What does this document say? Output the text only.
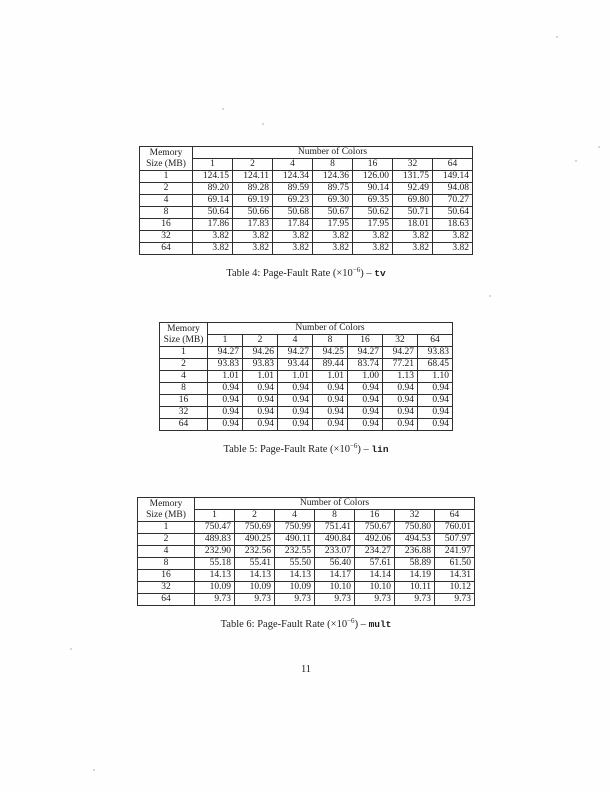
Memory
Size (MB)	Number of Colors						
	1	2	4	8	16	32	64
1	124.15	124.11	124.34	124.36	126.00	131.75	149.14
2	89.20	89.28	89.59	89.75	90.14	92.49	94.08
4	69.14	69.19	69.23	69.30	69.35	69.80	70.27
8	50.64	50.66	50.68	50.67	50.62	50.71	50.64
16	17.86	17.83	17.84	17.95	17.95	18.01	18.63
32	3.82	3.82	3.82	3.82	3.82	3.82	3.82
64	3.82	3.82	3.82	3.82	3.82	3.82	3.82
Table 4: Page-Fault Rate $(\times 10^{-6})$ – tv
Memory
Size (MB)	Number of Colors						
	1	2	4	8	16	32	64
1	94.27	94.26	94.27	94.25	94.27	94.27	93.83
2	93.83	93.83	93.44	89.44	83.74	77.21	68.45
4	1.01	1.01	1.01	1.01	1.00	1.13	1.10
8	0.94	0.94	0.94	0.94	0.94	0.94	0.94
16	0.94	0.94	0.94	0.94	0.94	0.94	0.94
32	0.94	0.94	0.94	0.94	0.94	0.94	0.94
64	0.94	0.94	0.94	0.94	0.94	0.94	0.94
Table 5: Page-Fault Rate $(\times 10^{-6})$ – lin
Memory
Size (MB)	Number of Colors						
	1	2	4	8	16	32	64
1	750.47	750.69	750.99	751.41	750.67	750.80	760.01
2	489.83	490.25	490.11	490.84	492.06	494.53	507.97
4	232.90	232.56	232.55	233.07	234.27	236.88	241.97
8	55.18	55.41	55.50	56.40	57.61	58.89	61.50
16	14.13	14.13	14.13	14.17	14.14	14.19	14.31
32	10.09	10.09	10.09	10.10	10.10	10.11	10.12
64	9.73	9.73	9.73	9.73	9.73	9.73	9.73
Table 6: Page-Fault Rate $(\times 10^{-6})$ – mult
11
